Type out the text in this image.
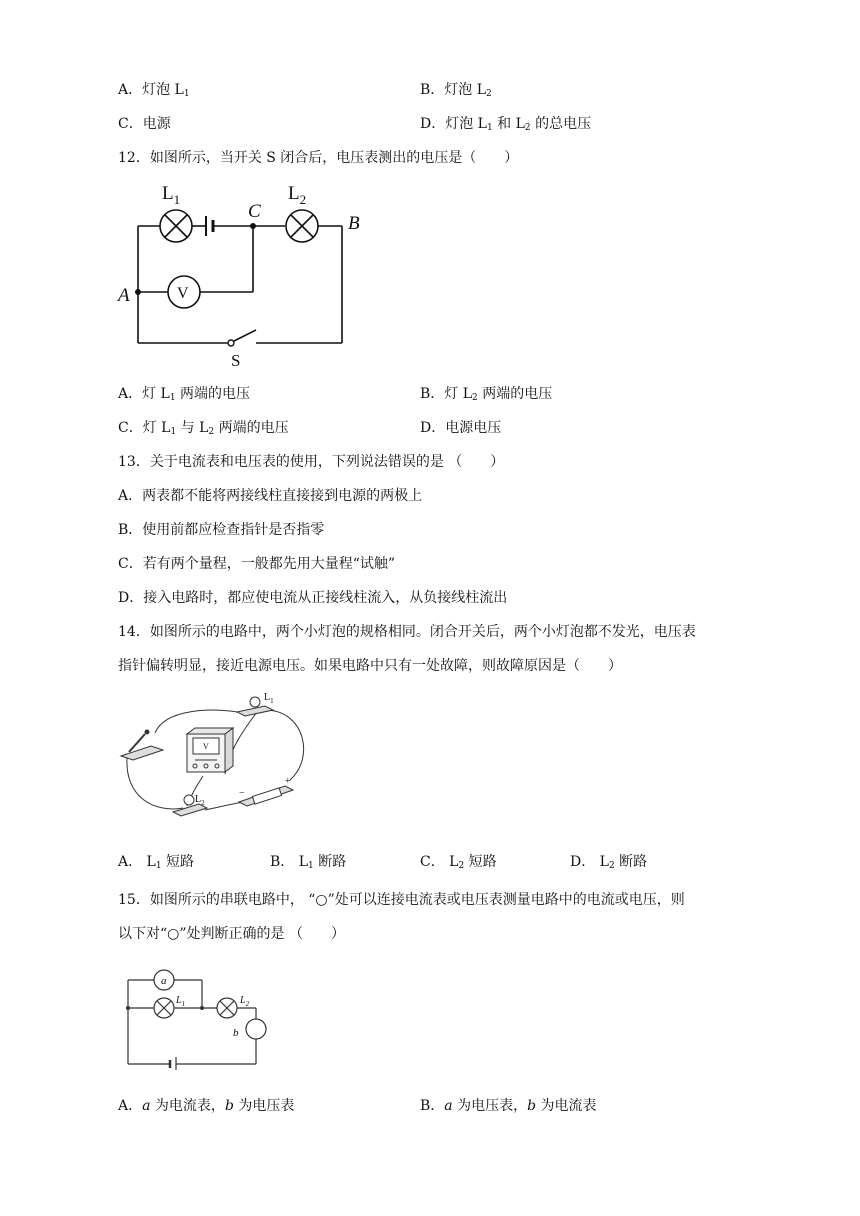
A．灯泡 $L_1$	B．灯泡 $L_2$
C．电源	D．灯泡 $L_1$ 和 $L_2$ 的总电压
12．如图所示，当开关 S 闭合后，电压表测出的电压是（　　）
$L_1$	$L_2$
C
B
A	V
S
A．灯 $L_1$ 两端的电压	B．灯 $L_2$ 两端的电压
C．灯 $L_1$ 与 $L_2$ 两端的电压	D．电源电压
13．关于电流表和电压表的使用，下列说法错误的是 （　　）
A．两表都不能将两接线柱直接接到电源的两极上
B．使用前都应检查指针是否指零
C．若有两个量程，一般都先用大量程“试触”
D．接入电路时，都应使电流从正接线柱流入，从负接线柱流出
14．如图所示的电路中，两个小灯泡的规格相同。闭合开关后，两个小灯泡都不发光，电压表
指针偏转明显，接近电源电压。如果电路中只有一处故障，则故障原因是（　　）
$L_1$
$L_2$
V
−
+
A． $L_1$ 短路	B． $L_1$ 断路	C． $L_2$ 短路	D． $L_2$ 断路
15．如图所示的串联电路中， “○”处可以连接电流表或电压表测量电路中的电流或电压，则
以下对“○”处判断正确的是 （　　）
a
b
$L_1$	$L_2$
A．a 为电流表，b 为电压表	B．a 为电压表，b 为电流表
